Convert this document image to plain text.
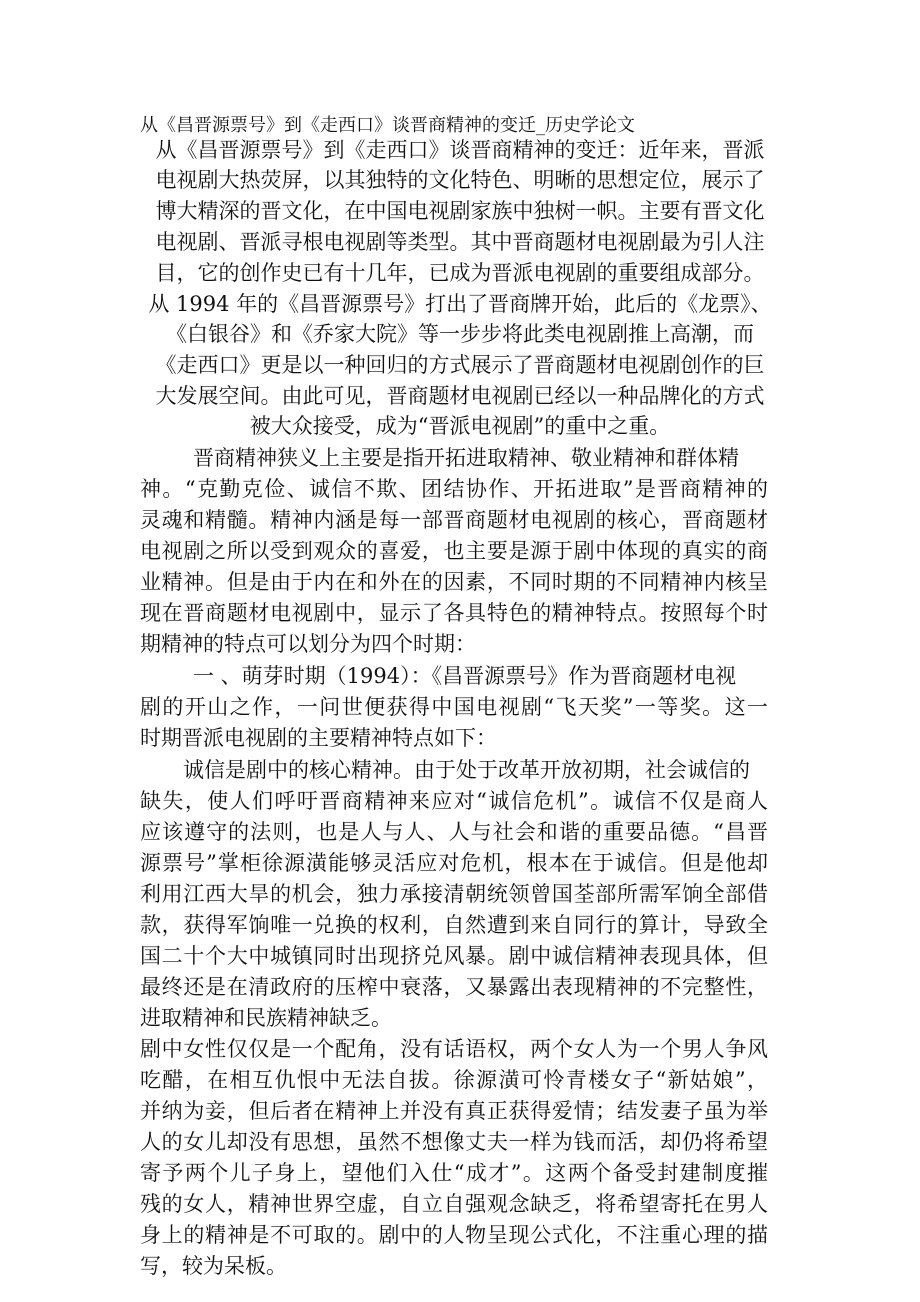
从《昌晋源票号》到《走西口》谈晋商精神的变迁_历史学论文
从《昌晋源票号》到《走西口》谈晋商精神的变迁：近年来，晋派
电视剧大热荧屏，以其独特的文化特色、明晰的思想定位，展示了
博大精深的晋文化，在中国电视剧家族中独树一帜。主要有晋文化
电视剧、晋派寻根电视剧等类型。其中晋商题材电视剧最为引人注
目，它的创作史已有十几年，已成为晋派电视剧的重要组成部分。
从 1994 年的《昌晋源票号》打出了晋商牌开始，此后的《龙票》、
《白银谷》和《乔家大院》等一步步将此类电视剧推上高潮，而
《走西口》更是以一种回归的方式展示了晋商题材电视剧创作的巨
大发展空间。由此可见，晋商题材电视剧已经以一种品牌化的方式
被大众接受，成为“晋派电视剧”的重中之重。
晋商精神狭义上主要是指开拓进取精神、敬业精神和群体精
神。“克勤克俭、诚信不欺、团结协作、开拓进取”是晋商精神的
灵魂和精髓。精神内涵是每一部晋商题材电视剧的核心，晋商题材
电视剧之所以受到观众的喜爱，也主要是源于剧中体现的真实的商
业精神。但是由于内在和外在的因素，不同时期的不同精神内核呈
现在晋商题材电视剧中，显示了各具特色的精神特点。按照每个时
期精神的特点可以划分为四个时期：
一 、萌芽时期（1994）：《昌晋源票号》作为晋商题材电视
剧的开山之作，一问世便获得中国电视剧“飞天奖”一等奖。这一
时期晋派电视剧的主要精神特点如下：
诚信是剧中的核心精神。由于处于改革开放初期，社会诚信的
缺失，使人们呼吁晋商精神来应对“诚信危机”。诚信不仅是商人
应该遵守的法则，也是人与人、人与社会和谐的重要品德。“昌晋
源票号”掌柜徐源潢能够灵活应对危机，根本在于诚信。但是他却
利用江西大旱的机会，独力承接清朝统领曾国荃部所需军饷全部借
款，获得军饷唯一兑换的权利，自然遭到来自同行的算计，导致全
国二十个大中城镇同时出现挤兑风暴。剧中诚信精神表现具体，但
最终还是在清政府的压榨中衰落，又暴露出表现精神的不完整性，
进取精神和民族精神缺乏。
剧中女性仅仅是一个配角，没有话语权，两个女人为一个男人争风
吃醋，在相互仇恨中无法自拔。徐源潢可怜青楼女子“新姑娘”，
并纳为妾，但后者在精神上并没有真正获得爱情；结发妻子虽为举
人的女儿却没有思想，虽然不想像丈夫一样为钱而活，却仍将希望
寄予两个儿子身上，望他们入仕“成才”。这两个备受封建制度摧
残的女人，精神世界空虚，自立自强观念缺乏，将希望寄托在男人
身上的精神是不可取的。剧中的人物呈现公式化，不注重心理的描
写，较为呆板。
